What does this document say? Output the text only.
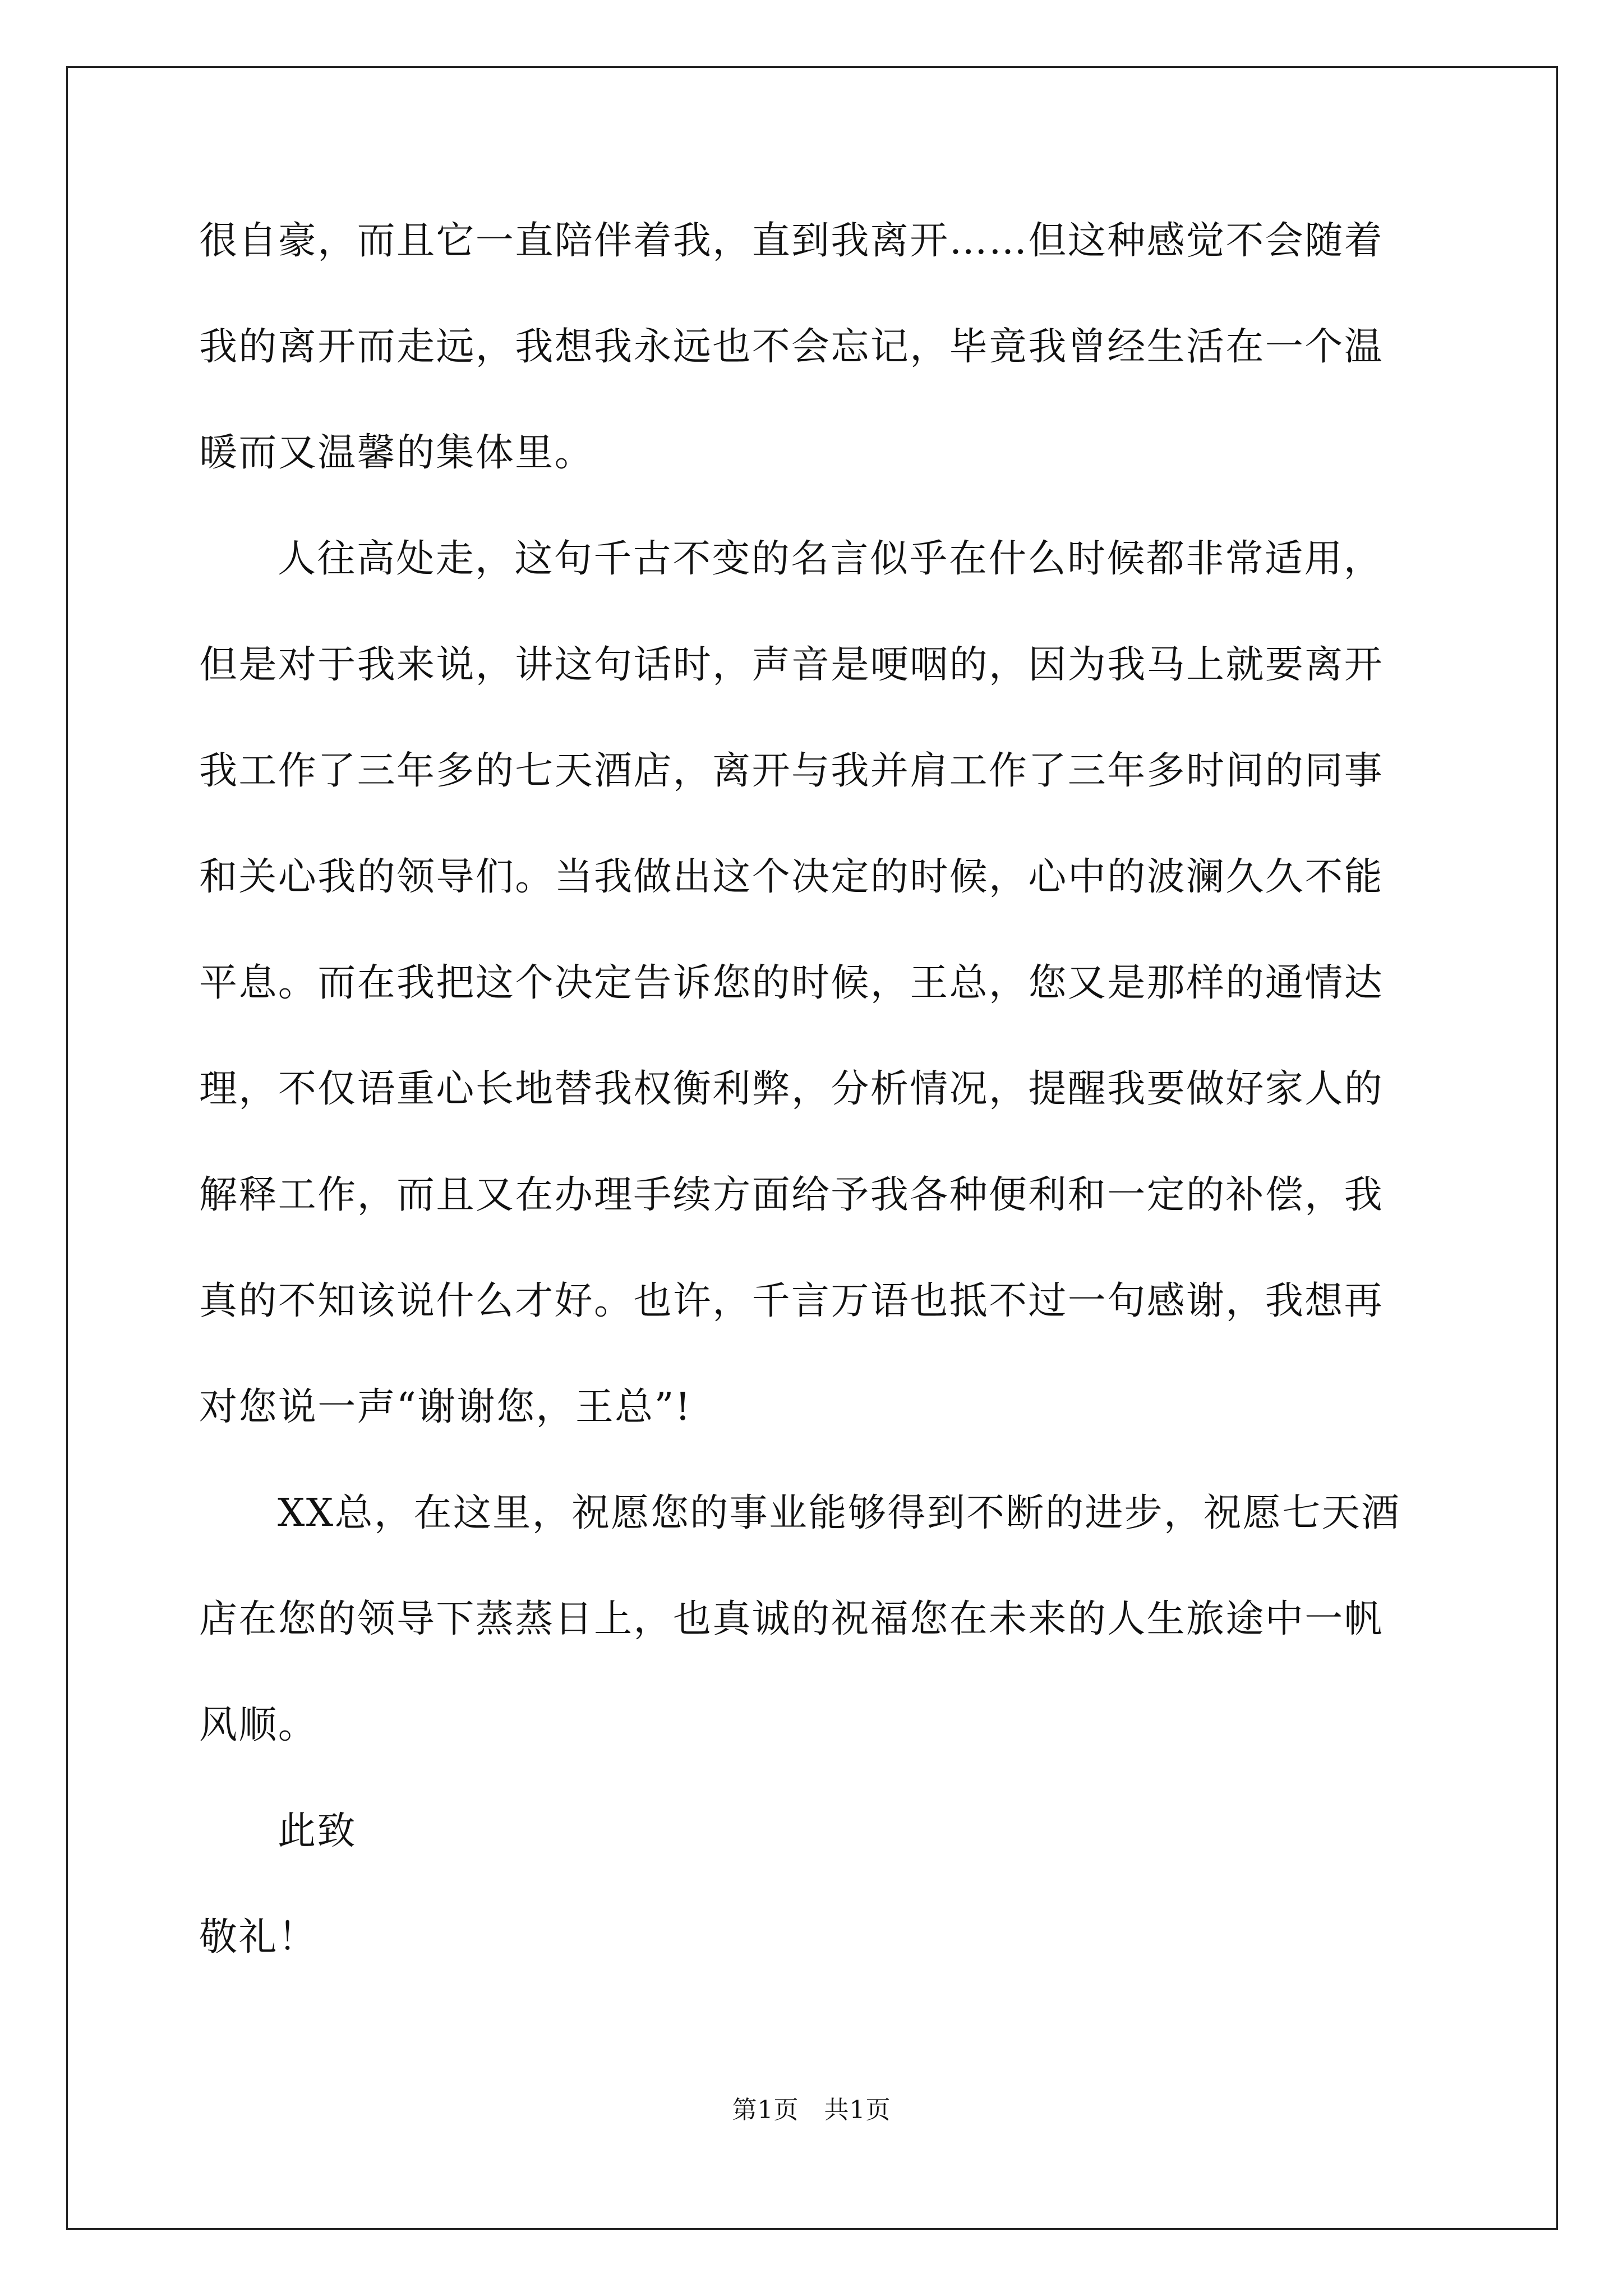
很自豪，而且它一直陪伴着我，直到我离开……但这种感觉不会随着
我的离开而走远，我想我永远也不会忘记，毕竟我曾经生活在一个温
暖而又温馨的集体里。
人往高处走，这句千古不变的名言似乎在什么时候都非常适用，
但是对于我来说，讲这句话时，声音是哽咽的，因为我马上就要离开
我工作了三年多的七天酒店，离开与我并肩工作了三年多时间的同事
和关心我的领导们。当我做出这个决定的时候，心中的波澜久久不能
平息。而在我把这个决定告诉您的时候，王总，您又是那样的通情达
理，不仅语重心长地替我权衡利弊，分析情况，提醒我要做好家人的
解释工作，而且又在办理手续方面给予我各种便利和一定的补偿，我
真的不知该说什么才好。也许，千言万语也抵不过一句感谢，我想再
对您说一声“谢谢您，王总”!
XX总，在这里，祝愿您的事业能够得到不断的进步，祝愿七天酒
店在您的领导下蒸蒸日上，也真诚的祝福您在未来的人生旅途中一帆
风顺。
此致
敬礼！
第1页　共1页
